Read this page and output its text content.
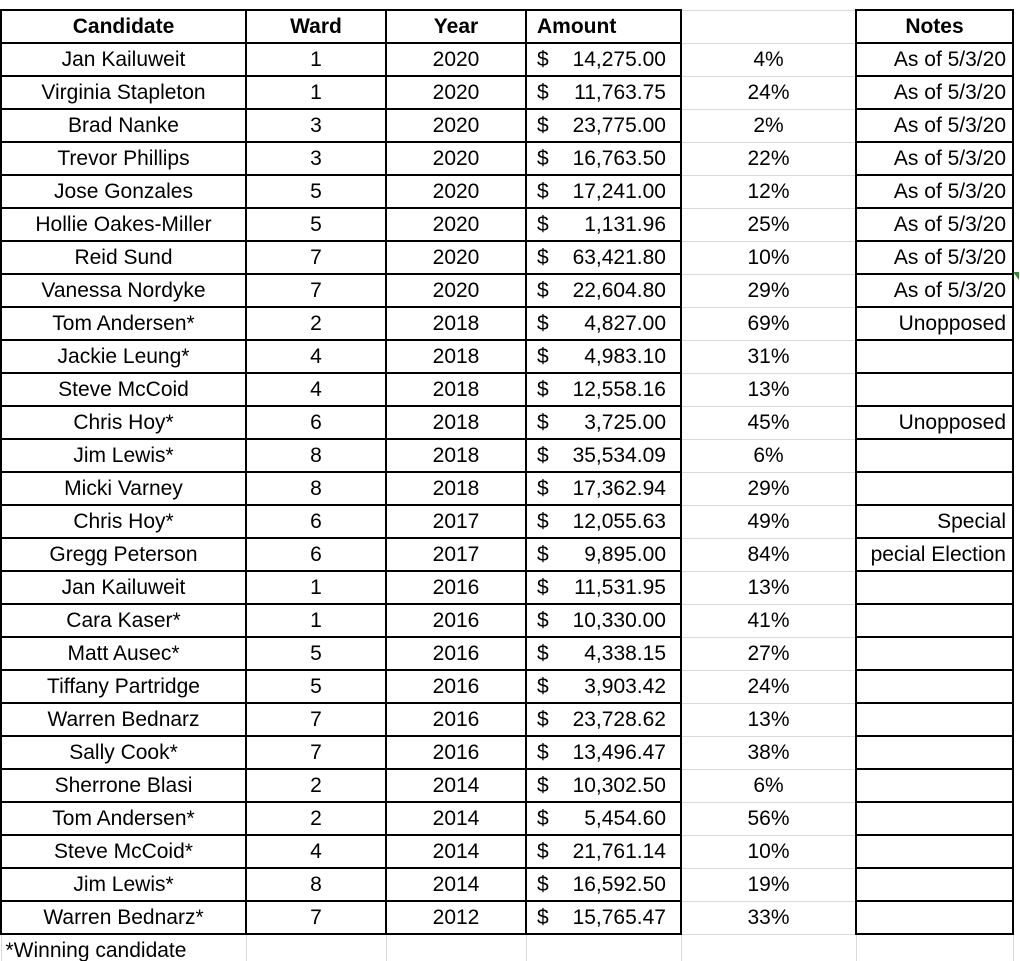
Candidate	Ward	Year	Amount		Notes
Jan Kailuweit	1	2020	$ 14,275.00	4%	As of 5/3/20
Virginia Stapleton	1	2020	$ 11,763.75	24%	As of 5/3/20
Brad Nanke	3	2020	$ 23,775.00	2%	As of 5/3/20
Trevor Phillips	3	2020	$ 16,763.50	22%	As of 5/3/20
Jose Gonzales	5	2020	$ 17,241.00	12%	As of 5/3/20
Hollie Oakes-Miller	5	2020	$ 1,131.96	25%	As of 5/3/20
Reid Sund	7	2020	$ 63,421.80	10%	As of 5/3/20
Vanessa Nordyke	7	2020	$ 22,604.80	29%	As of 5/3/20
Tom Andersen*	2	2018	$ 4,827.00	69%	Unopposed
Jackie Leung*	4	2018	$ 4,983.10	31%	
Steve McCoid	4	2018	$ 12,558.16	13%	
Chris Hoy*	6	2018	$ 3,725.00	45%	Unopposed
Jim Lewis*	8	2018	$ 35,534.09	6%	
Micki Varney	8	2018	$ 17,362.94	29%	
Chris Hoy*	6	2017	$ 12,055.63	49%	Special
Gregg Peterson	6	2017	$ 9,895.00	84%	pecial Election
Jan Kailuweit	1	2016	$ 11,531.95	13%	
Cara Kaser*	1	2016	$ 10,330.00	41%	
Matt Ausec*	5	2016	$ 4,338.15	27%	
Tiffany Partridge	5	2016	$ 3,903.42	24%	
Warren Bednarz	7	2016	$ 23,728.62	13%	
Sally Cook*	7	2016	$ 13,496.47	38%	
Sherrone Blasi	2	2014	$ 10,302.50	6%	
Tom Andersen*	2	2014	$ 5,454.60	56%	
Steve McCoid*	4	2014	$ 21,761.14	10%	
Jim Lewis*	8	2014	$ 16,592.50	19%	
Warren Bednarz*	7	2012	$ 15,765.47	33%	
*Winning candidate					
